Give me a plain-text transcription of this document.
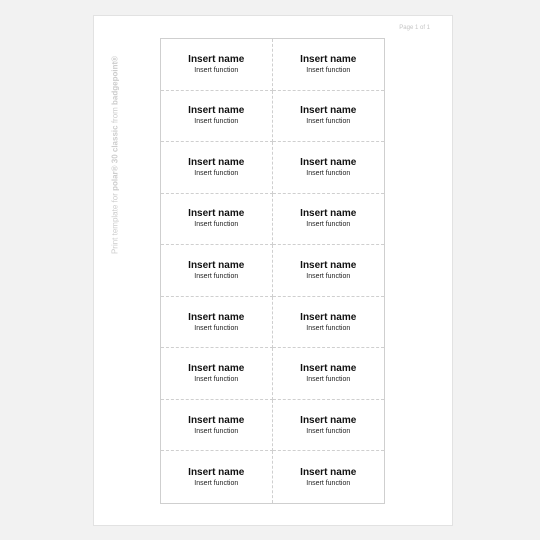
Page 1 of 1
Print template for polar® 30 classic from badgepoint®	Insert name
Insert function
Insert name
Insert function
Insert name
Insert function
Insert name
Insert function
Insert name
Insert function
Insert name
Insert function
Insert name
Insert function
Insert name
Insert function
Insert name
Insert function
Insert name
Insert function
Insert name
Insert function
Insert name
Insert function
Insert name
Insert function
Insert name
Insert function
Insert name
Insert function
Insert name
Insert function
Insert name
Insert function
Insert name
Insert function
